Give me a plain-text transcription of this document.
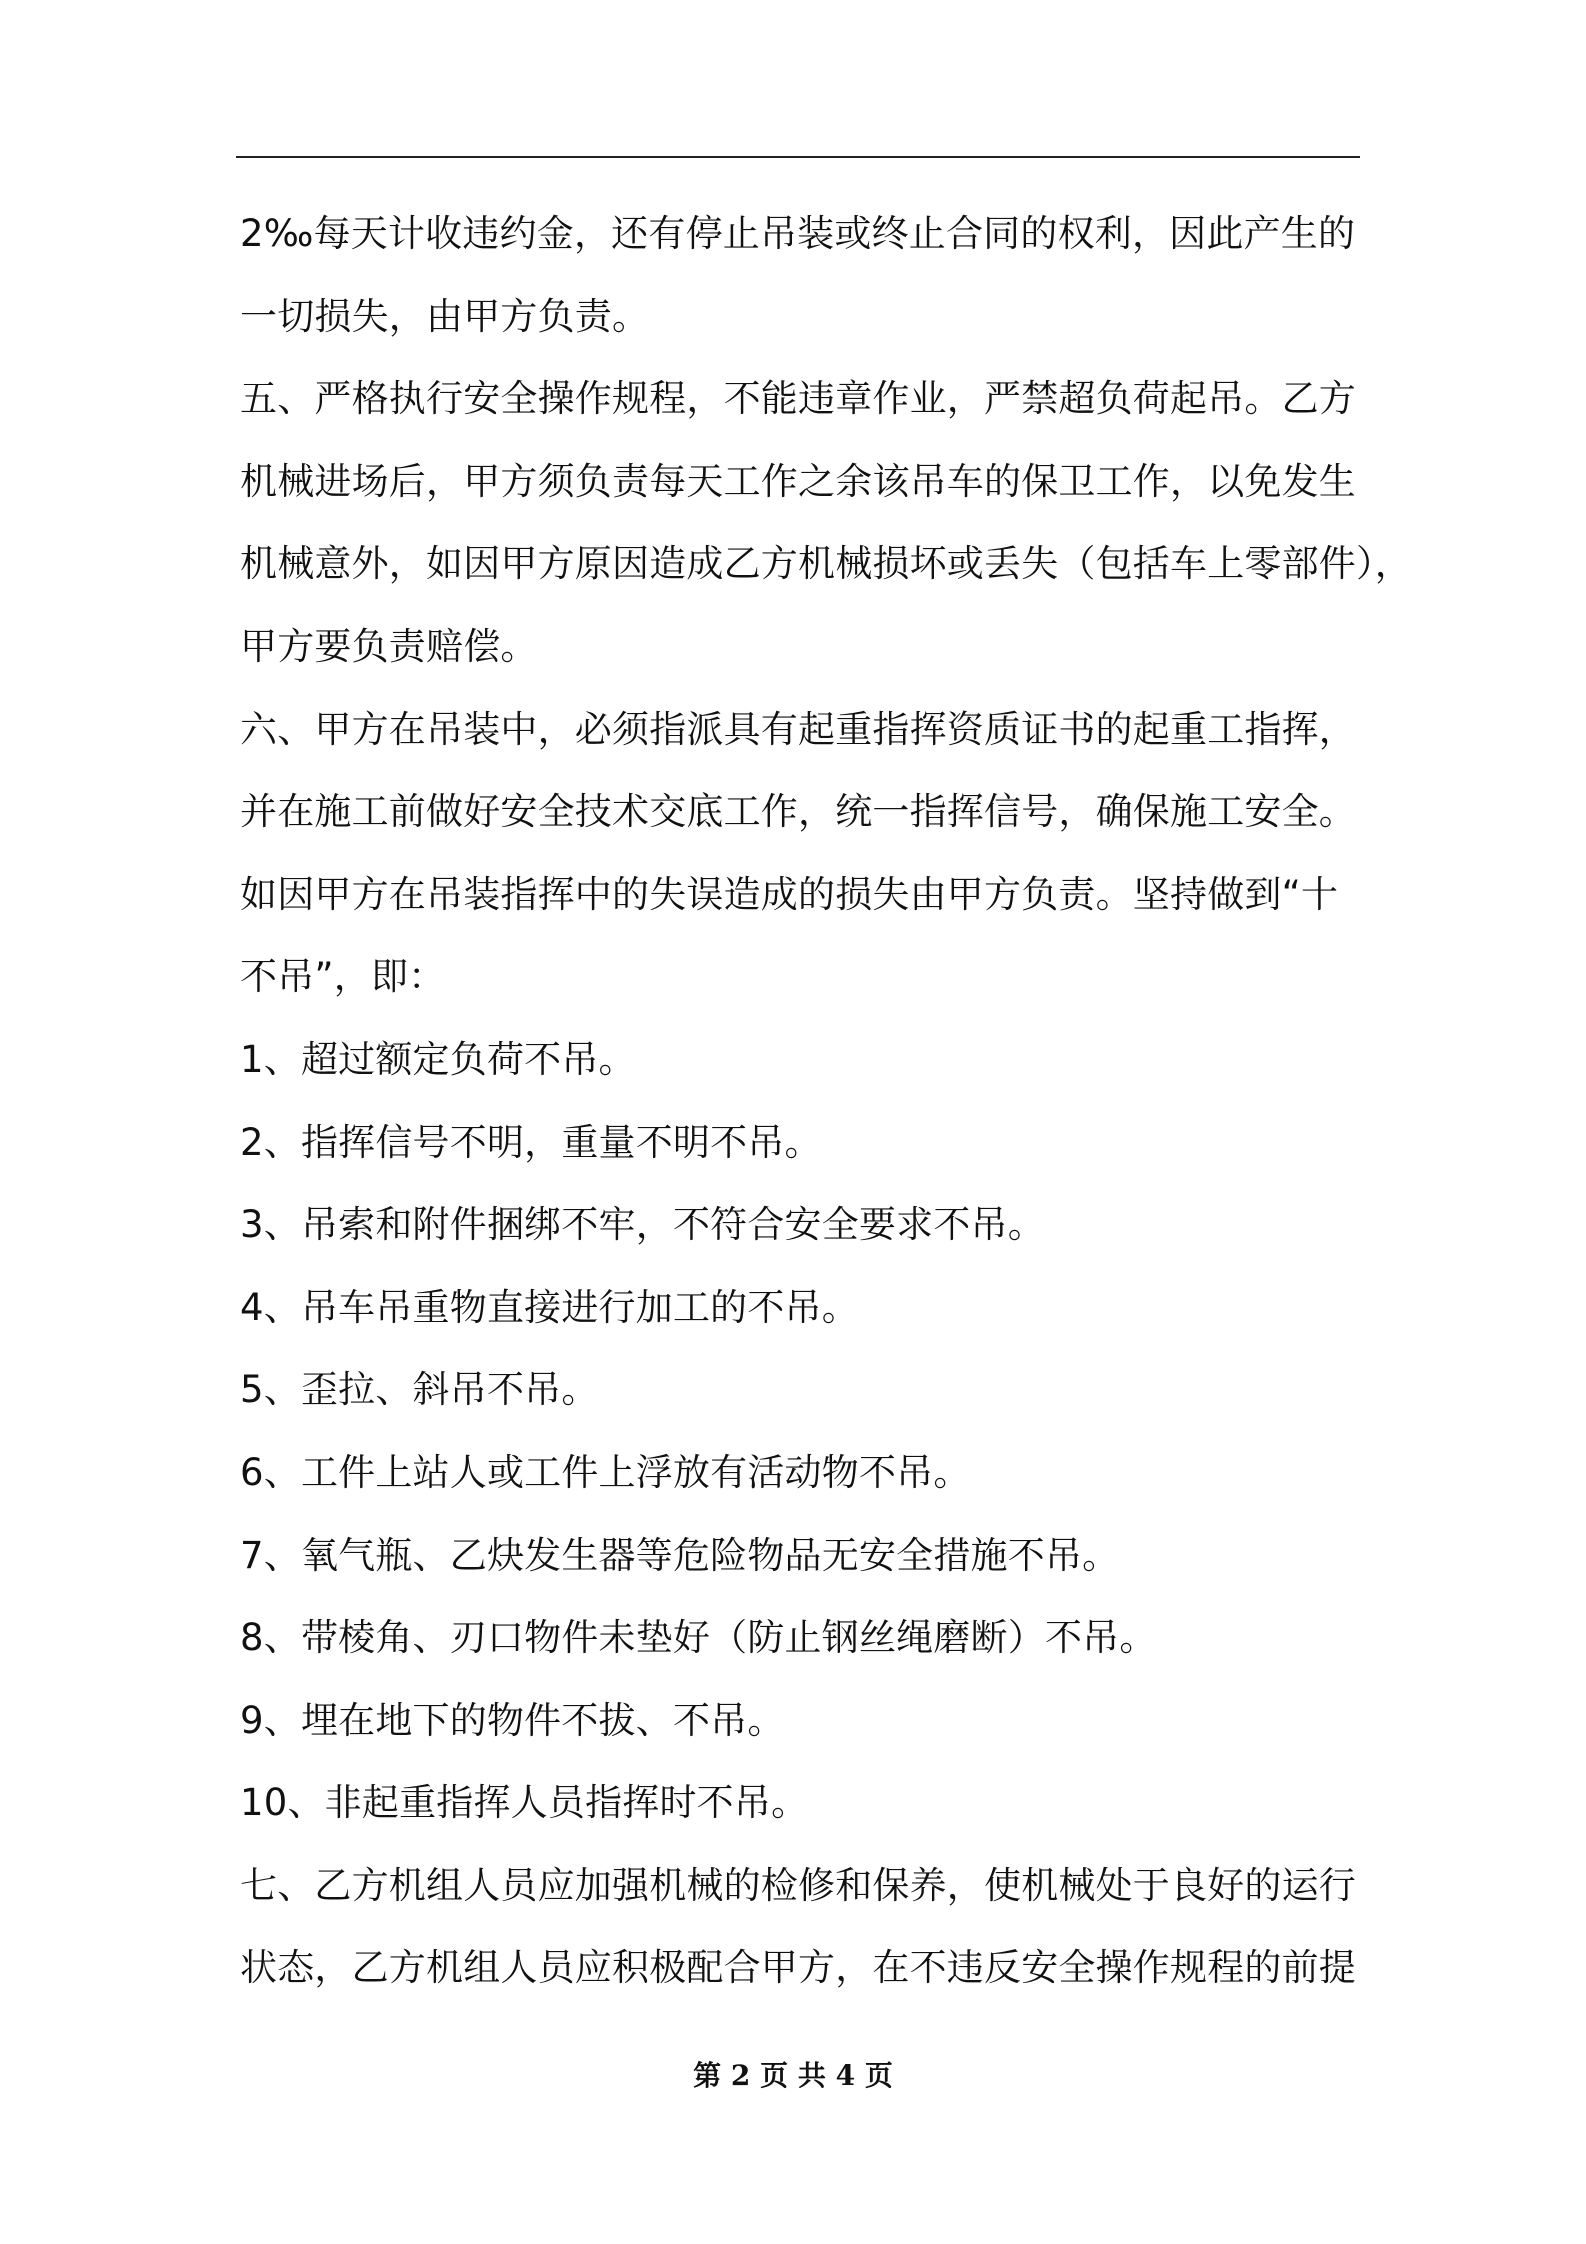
2‰每天计收违约金，还有停止吊装或终止合同的权利，因此产生的
一切损失，由甲方负责。
五、严格执行安全操作规程，不能违章作业，严禁超负荷起吊。乙方
机械进场后，甲方须负责每天工作之余该吊车的保卫工作，以免发生
机械意外，如因甲方原因造成乙方机械损坏或丢失（包括车上零部件），
甲方要负责赔偿。
六、甲方在吊装中，必须指派具有起重指挥资质证书的起重工指挥，
并在施工前做好安全技术交底工作，统一指挥信号，确保施工安全。
如因甲方在吊装指挥中的失误造成的损失由甲方负责。坚持做到“十
不吊”，即：
1、超过额定负荷不吊。
2、指挥信号不明，重量不明不吊。
3、吊索和附件捆绑不牢，不符合安全要求不吊。
4、吊车吊重物直接进行加工的不吊。
5、歪拉、斜吊不吊。
6、工件上站人或工件上浮放有活动物不吊。
7、氧气瓶、乙炔发生器等危险物品无安全措施不吊。
8、带棱角、刃口物件未垫好（防止钢丝绳磨断）不吊。
9、埋在地下的物件不拔、不吊。
10、非起重指挥人员指挥时不吊。
七、乙方机组人员应加强机械的检修和保养，使机械处于良好的运行
状态，乙方机组人员应积极配合甲方，在不违反安全操作规程的前提
第 2 页 共 4 页
